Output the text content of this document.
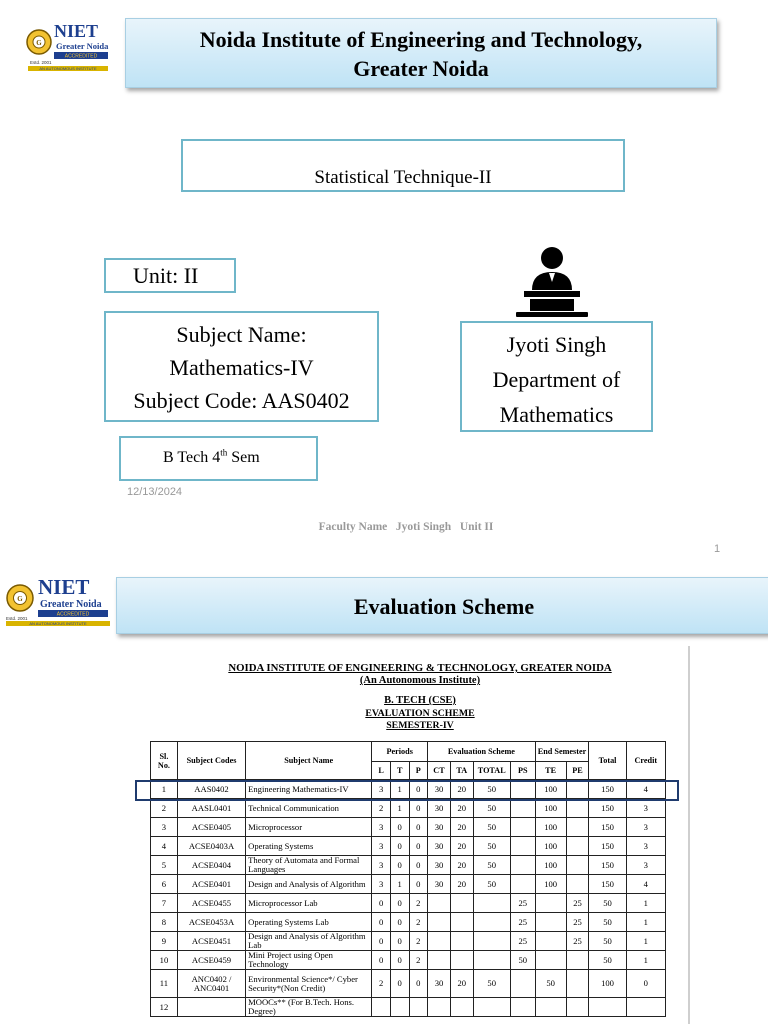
G
NIET
Greater Noida
ACCREDITED
Estd. 2001
AN AUTONOMOUS INSTITUTE
Noida Institute of Engineering and Technology,
Greater Noida
Statistical Technique-II
Unit: II
Subject Name:
Mathematics-IV
Subject Code: AAS0402
Jyoti Singh
Department of
Mathematics
B Tech 4th Sem
12/13/2024
Faculty Name   Jyoti Singh   Unit II
1
G NIET
Greater Noida
ACCREDITED
Estd. 2001
AN AUTONOMOUS INSTITUTE
Evaluation Scheme
NOIDA INSTITUTE OF ENGINEERING & TECHNOLOGY, GREATER NOIDA
(An Autonomous Institute)
B. TECH (CSE)
EVALUATION SCHEME
SEMESTER-IV
Sl. No.	Subject Codes	Subject Name	Periods			Evaluation Scheme				End Semester		Total	Credit
			L	T	P	CT	TA	TOTAL	PS	TE	PE		
1	AAS0402	Engineering Mathematics-IV	3	1	0	30	20	50		100		150	4
2	AASL0401	Technical Communication	2	1	0	30	20	50		100		150	3
3	ACSE0405	Microprocessor	3	0	0	30	20	50		100		150	3
4	ACSE0403A	Operating Systems	3	0	0	30	20	50		100		150	3
5	ACSE0404	Theory of Automata and Formal Languages	3	0	0	30	20	50		100		150	3
6	ACSE0401	Design and Analysis of Algorithm	3	1	0	30	20	50		100		150	4
7	ACSE0455	Microprocessor Lab	0	0	2				25		25	50	1
8	ACSE0453A	Operating Systems Lab	0	0	2				25		25	50	1
9	ACSE0451	Design and Analysis of Algorithm Lab	0	0	2				25		25	50	1
10	ACSE0459	Mini Project using Open Technology	0	0	2				50			50	1
11	ANC0402 / ANC0401	Environmental Science*/ Cyber Security*(Non Credit)	2	0	0	30	20	50		50		100	0
12		MOOCs** (For B.Tech. Hons. Degree)											
